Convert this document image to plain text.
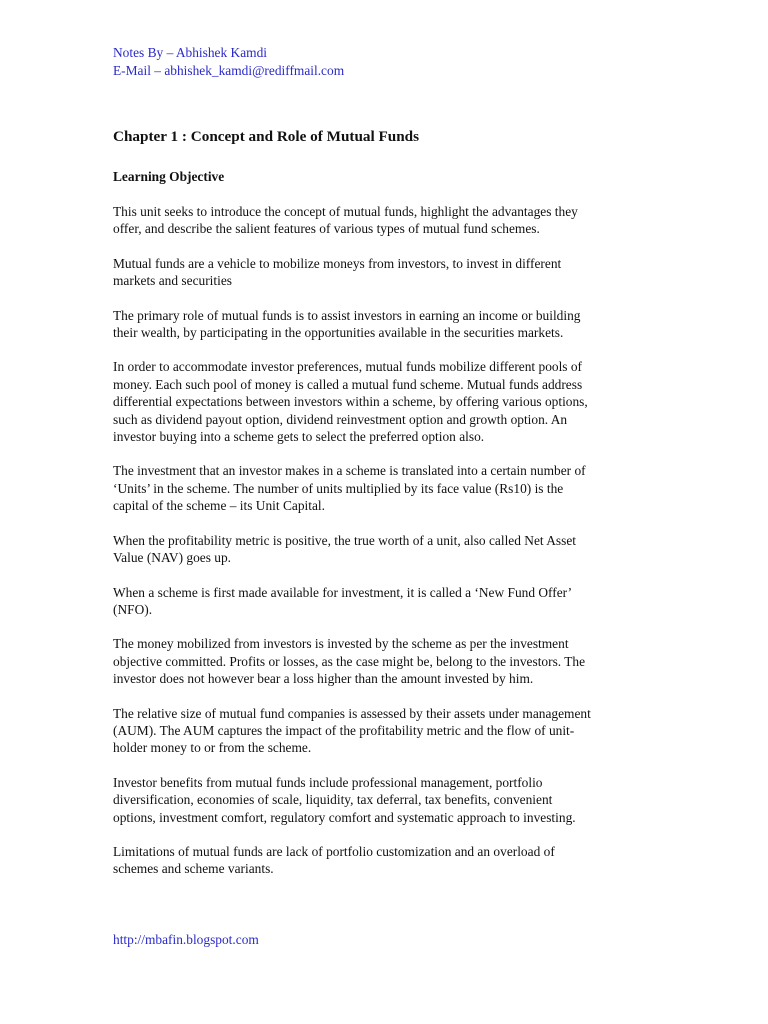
Notes By – Abhishek Kamdi
E-Mail – abhishek_kamdi@rediffmail.com
Chapter 1 : Concept and Role of Mutual Funds
Learning Objective
This unit seeks to introduce the concept of mutual funds, highlight the advantages they
offer, and describe the salient features of various types of mutual fund schemes.
Mutual funds are a vehicle to mobilize moneys from investors, to invest in different
markets and securities
The primary role of mutual funds is to assist investors in earning an income or building
their wealth, by participating in the opportunities available in the securities markets.
In order to accommodate investor preferences, mutual funds mobilize different pools of
money. Each such pool of money is called a mutual fund scheme. Mutual funds address
differential expectations between investors within a scheme, by offering various options,
such as dividend payout option, dividend reinvestment option and growth option. An
investor buying into a scheme gets to select the preferred option also.
The investment that an investor makes in a scheme is translated into a certain number of
‘Units’ in the scheme. The number of units multiplied by its face value (Rs10) is the
capital of the scheme – its Unit Capital.
When the profitability metric is positive, the true worth of a unit, also called Net Asset
Value (NAV) goes up.
When a scheme is first made available for investment, it is called a ‘New Fund Offer’
(NFO).
The money mobilized from investors is invested by the scheme as per the investment
objective committed. Profits or losses, as the case might be, belong to the investors. The
investor does not however bear a loss higher than the amount invested by him.
The relative size of mutual fund companies is assessed by their assets under management
(AUM). The AUM captures the impact of the profitability metric and the flow of unit-
holder money to or from the scheme.
Investor benefits from mutual funds include professional management, portfolio
diversification, economies of scale, liquidity, tax deferral, tax benefits, convenient
options, investment comfort, regulatory comfort and systematic approach to investing.
Limitations of mutual funds are lack of portfolio customization and an overload of
schemes and scheme variants.
http://mbafin.blogspot.com
